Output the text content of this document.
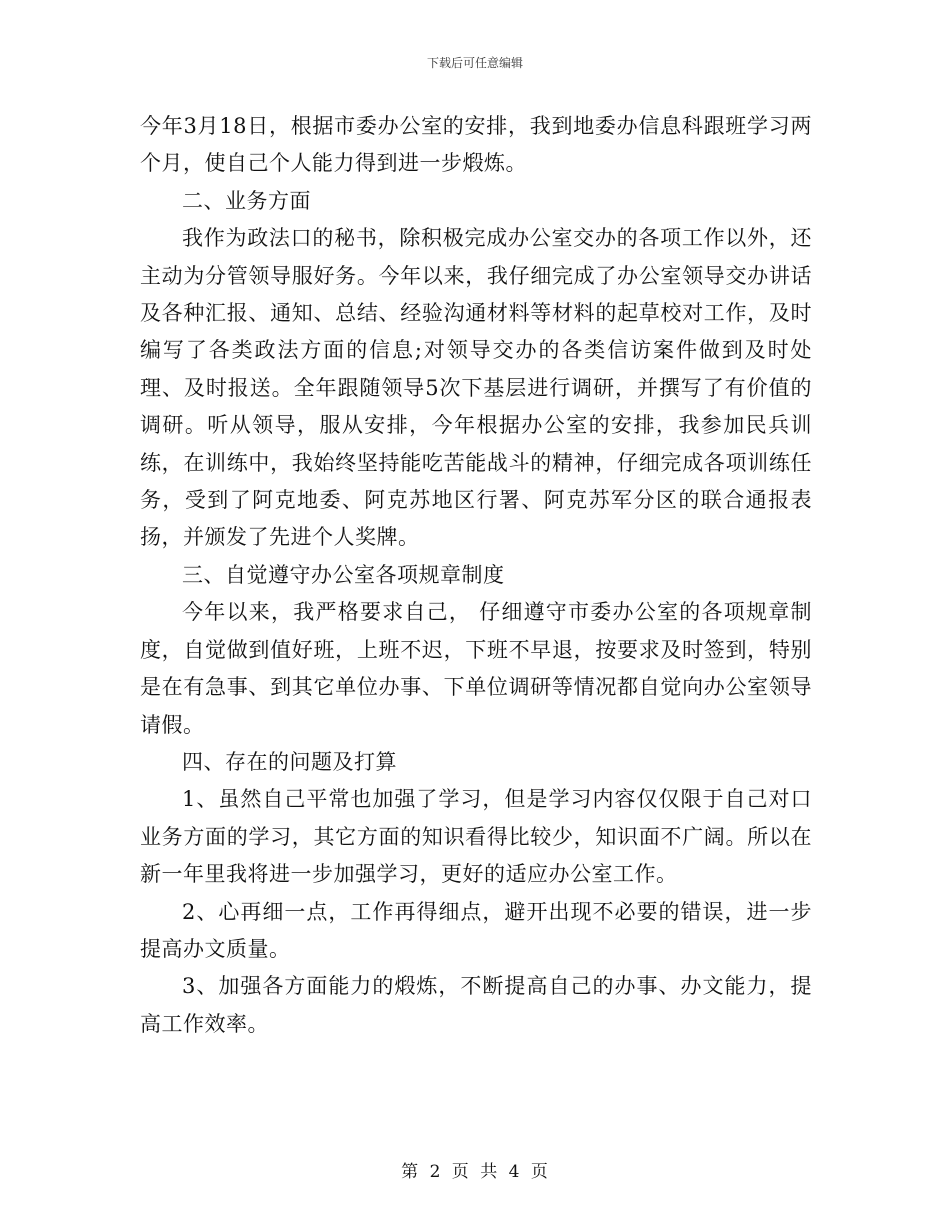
下载后可任意编辑

今年3月18日，根据市委办公室的安排，我到地委办信息科跟班学习两个月，使自己个人能力得到进一步煅炼。

二、业务方面

我作为政法口的秘书，除积极完成办公室交办的各项工作以外，还主动为分管领导服好务。今年以来，我仔细完成了办公室领导交办讲话及各种汇报、通知、总结、经验沟通材料等材料的起草校对工作，及时编写了各类政法方面的信息;对领导交办的各类信访案件做到及时处理、及时报送。全年跟随领导5次下基层进行调研，并撰写了有价值的调研。听从领导，服从安排，今年根据办公室的安排，我参加民兵训练，在训练中，我始终坚持能吃苦能战斗的精神，仔细完成各项训练任务，受到了阿克地委、阿克苏地区行署、阿克苏军分区的联合通报表扬，并颁发了先进个人奖牌。

三、自觉遵守办公室各项规章制度

今年以来，我严格要求自己， 仔细遵守市委办公室的各项规章制度，自觉做到值好班，上班不迟，下班不早退，按要求及时签到，特别是在有急事、到其它单位办事、下单位调研等情况都自觉向办公室领导请假。

四、存在的问题及打算

1、虽然自己平常也加强了学习，但是学习内容仅仅限于自己对口业务方面的学习，其它方面的知识看得比较少，知识面不广阔。所以在新一年里我将进一步加强学习，更好的适应办公室工作。

2、心再细一点，工作再得细点，避开出现不必要的错误，进一步提高办文质量。

3、加强各方面能力的煅炼，不断提高自己的办事、办文能力，提高工作效率。

第 2 页 共 4 页
